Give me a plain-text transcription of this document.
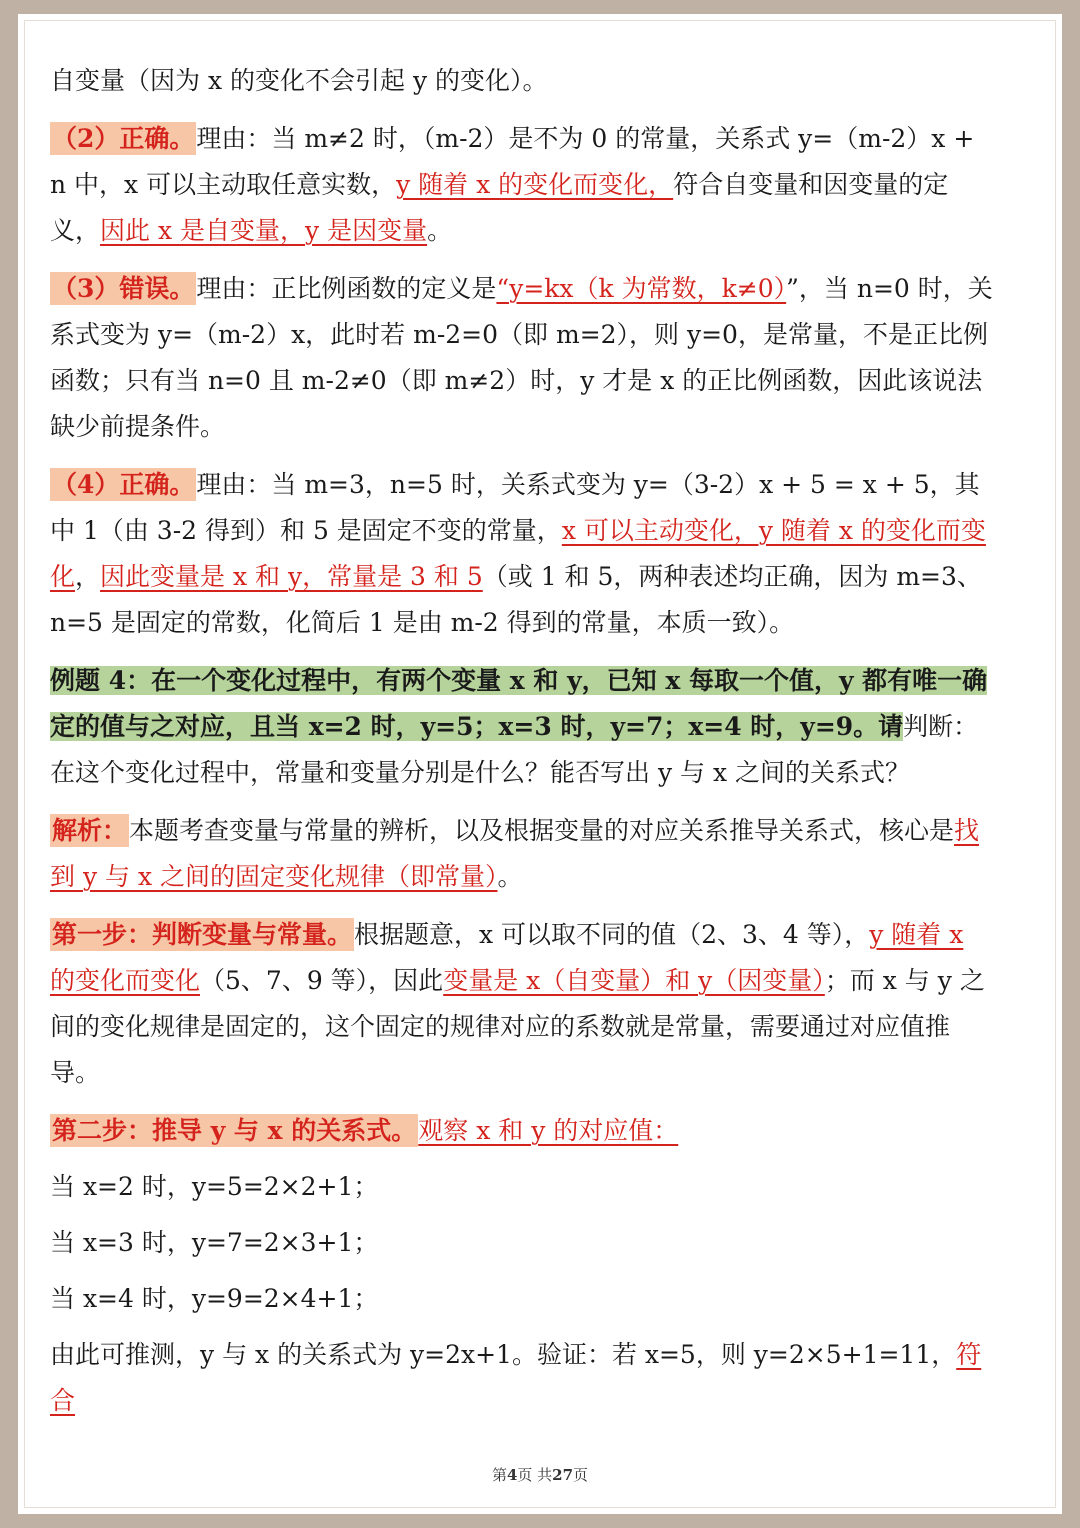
自变量（因为 x 的变化不会引起 y 的变化）。

（2）正确。理由：当 m≠2 时，（m-2）是不为 0 的常量，关系式 y=（m-2）x + n 中，x 可以主动取任意实数，y 随着 x 的变化而变化，符合自变量和因变量的定义，因此 x 是自变量，y 是因变量。

（3）错误。理由：正比例函数的定义是“y=kx（k 为常数，k≠0）”，当 n=0 时，关系式变为 y=（m-2）x，此时若 m-2=0（即 m=2），则 y=0，是常量，不是正比例函数；只有当 n=0 且 m-2≠0（即 m≠2）时，y 才是 x 的正比例函数，因此该说法缺少前提条件。

（4）正确。理由：当 m=3，n=5 时，关系式变为 y=（3-2）x + 5 = x + 5，其中 1（由 3-2 得到）和 5 是固定不变的常量，x 可以主动变化，y 随着 x 的变化而变化，因此变量是 x 和 y，常量是 3 和 5（或 1 和 5，两种表述均正确，因为 m=3、n=5 是固定的常数，化简后 1 是由 m-2 得到的常量，本质一致）。

例题 4：在一个变化过程中，有两个变量 x 和 y，已知 x 每取一个值，y 都有唯一确定的值与之对应，且当 x=2 时，y=5；x=3 时，y=7；x=4 时，y=9。请判断：在这个变化过程中，常量和变量分别是什么？能否写出 y 与 x 之间的关系式？

解析：本题考查变量与常量的辨析，以及根据变量的对应关系推导关系式，核心是找到 y 与 x 之间的固定变化规律（即常量）。

第一步：判断变量与常量。根据题意，x 可以取不同的值（2、3、4 等），y 随着 x 的变化而变化（5、7、9 等），因此变量是 x（自变量）和 y（因变量）；而 x 与 y 之间的变化规律是固定的，这个固定的规律对应的系数就是常量，需要通过对应值推导。

第二步：推导 y 与 x 的关系式。观察 x 和 y 的对应值：

当 x=2 时，y=5=2×2+1；

当 x=3 时，y=7=2×3+1；

当 x=4 时，y=9=2×4+1；

由此可推测，y 与 x 的关系式为 y=2x+1。验证：若 x=5，则 y=2×5+1=11，符合

第4页 共27页
